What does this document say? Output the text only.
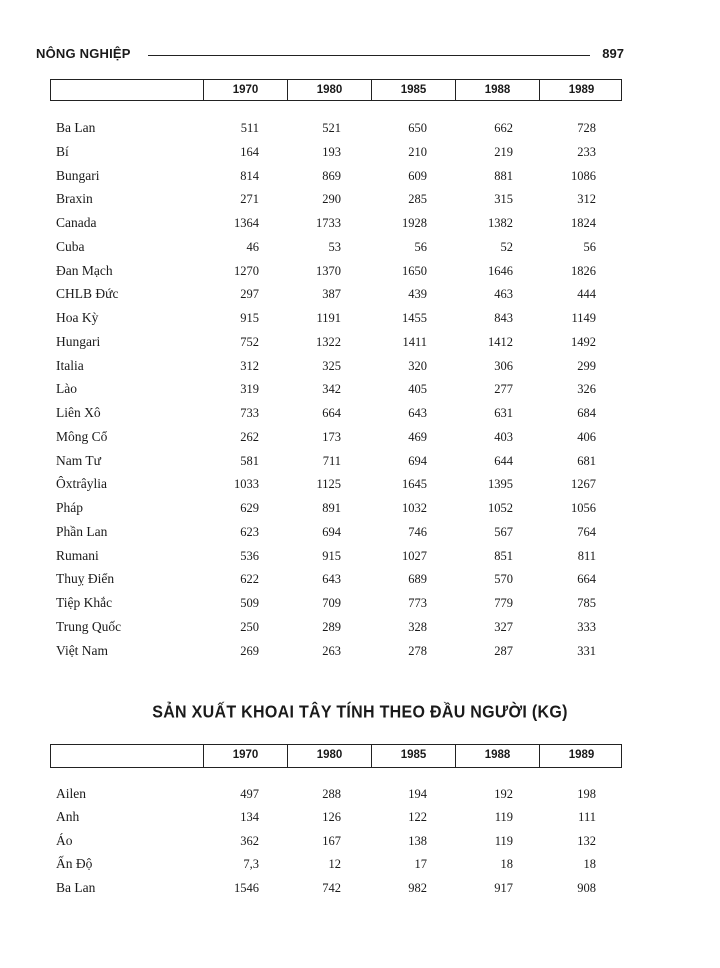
NÔNG NGHIỆP	897
1970	1980	1985	1988	1989
Ba Lan	511	521	650	662	728
Bí	164	193	210	219	233
Bungari	814	869	609	881	1086
Braxin	271	290	285	315	312
Canada	1364	1733	1928	1382	1824
Cuba	46	53	56	52	56
Đan Mạch	1270	1370	1650	1646	1826
CHLB Đức	297	387	439	463	444
Hoa Kỳ	915	1191	1455	843	1149
Hungari	752	1322	1411	1412	1492
Italia	312	325	320	306	299
Lào	319	342	405	277	326
Liên Xô	733	664	643	631	684
Mông Cổ	262	173	469	403	406
Nam Tư	581	711	694	644	681
Ôxtrâylia	1033	1125	1645	1395	1267
Pháp	629	891	1032	1052	1056
Phần Lan	623	694	746	567	764
Rumani	536	915	1027	851	811
Thuỵ Điển	622	643	689	570	664
Tiệp Khắc	509	709	773	779	785
Trung Quốc	250	289	328	327	333
Việt Nam	269	263	278	287	331
SẢN XUẤT KHOAI TÂY TÍNH THEO ĐẦU NGƯỜI (KG)
1970	1980	1985	1988	1989
Ailen	497	288	194	192	198
Anh	134	126	122	119	111
Áo	362	167	138	119	132
Ấn Độ	7,3	12	17	18	18
Ba Lan	1546	742	982	917	908
